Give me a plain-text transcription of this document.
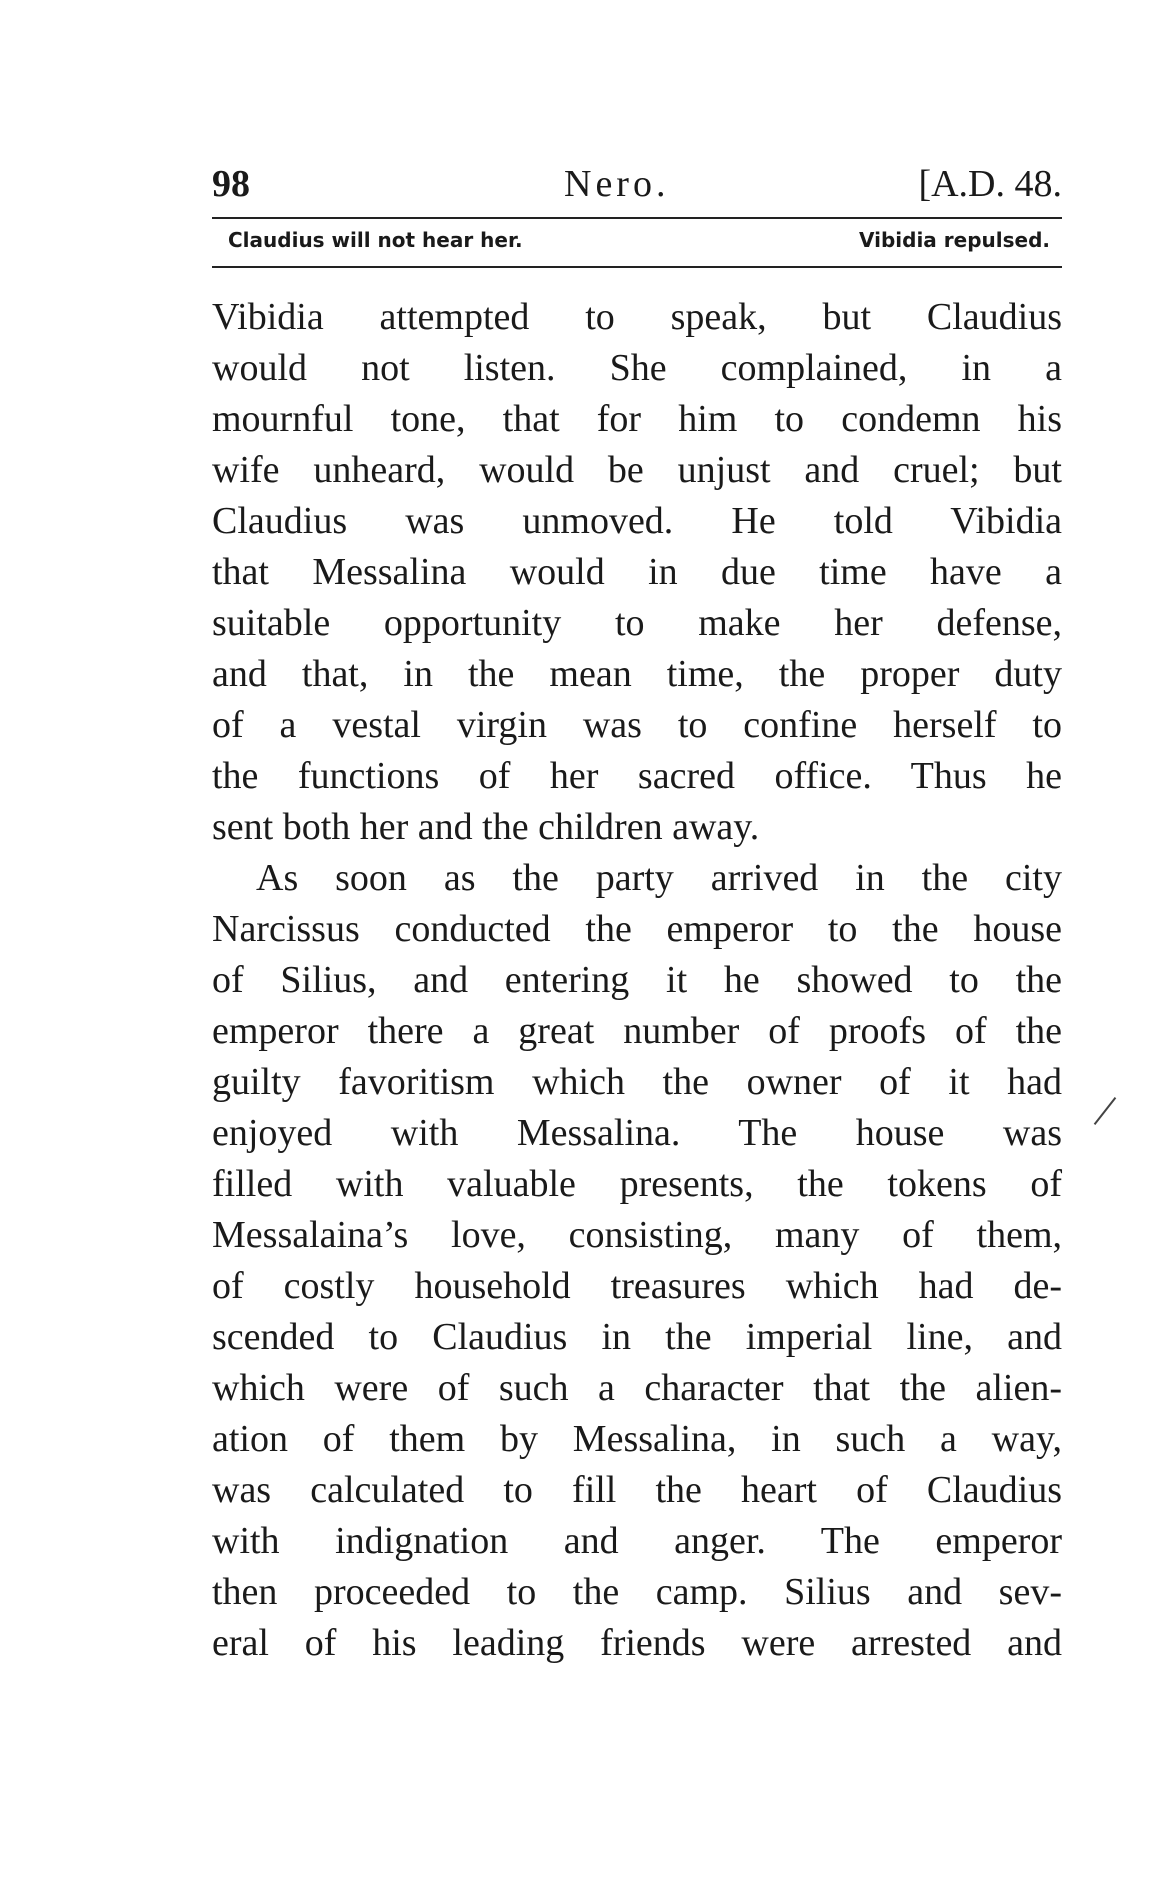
98	Nero.	[A.D. 48.
Claudius will not hear her.	Vibidia repulsed.
Vibidia attempted to speak, but Claudius
would not listen. She complained, in a
mournful tone, that for him to condemn his
wife unheard, would be unjust and cruel; but
Claudius was unmoved. He told Vibidia
that Messalina would in due time have a
suitable opportunity to make her defense,
and that, in the mean time, the proper duty
of a vestal virgin was to confine herself to
the functions of her sacred office. Thus he
sent both her and the children away.
As soon as the party arrived in the city
Narcissus conducted the emperor to the house
of Silius, and entering it he showed to the
emperor there a great number of proofs of the
guilty favoritism which the owner of it had
enjoyed with Messalina. The house was
filled with valuable presents, the tokens of
Messalaina’s love, consisting, many of them,
of costly household treasures which had de-
scended to Claudius in the imperial line, and
which were of such a character that the alien-
ation of them by Messalina, in such a way,
was calculated to fill the heart of Claudius
with indignation and anger. The emperor
then proceeded to the camp. Silius and sev-
eral of his leading friends were arrested and
